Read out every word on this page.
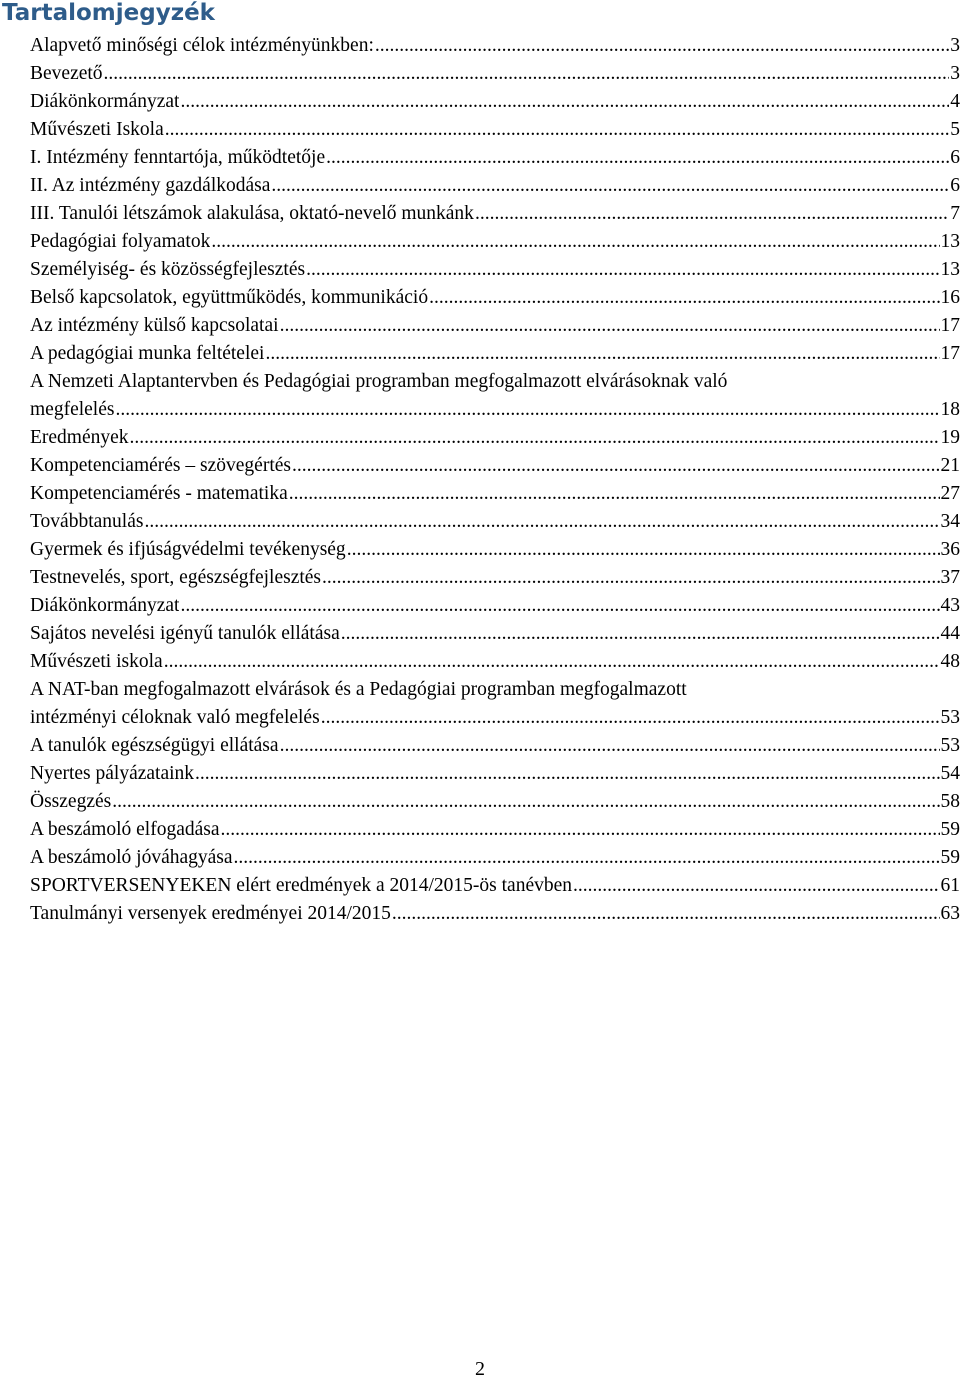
Tartalomjegyzék
Alapvető minőségi célok intézményünkben: .....	3
Bevezető .....	3
Diákönkormányzat .....	4
Művészeti Iskola .....	5
I. Intézmény fenntartója, működtetője .....	6
II. Az intézmény gazdálkodása .....	6
III. Tanulói létszámok alakulása, oktató-nevelő munkánk .....	7
Pedagógiai folyamatok .....	13
Személyiség- és közösségfejlesztés .....	13
Belső kapcsolatok, együttműködés, kommunikáció .....	16
Az intézmény külső kapcsolatai .....	17
A pedagógiai munka feltételei .....	17
A Nemzeti Alaptantervben és Pedagógiai programban megfogalmazott elvárásoknak való
megfelelés .....	18
Eredmények .....	19
Kompetenciamérés – szövegértés .....	21
Kompetenciamérés - matematika .....	27
Továbbtanulás .....	34
Gyermek és ifjúságvédelmi tevékenység .....	36
Testnevelés, sport, egészségfejlesztés .....	37
Diákönkormányzat .....	43
Sajátos nevelési igényű tanulók ellátása .....	44
Művészeti iskola .....	48
A NAT-ban megfogalmazott elvárások és a Pedagógiai programban megfogalmazott
intézményi céloknak való megfelelés .....	53
A tanulók egészségügyi ellátása .....	53
Nyertes pályázataink .....	54
Összegzés .....	58
A beszámoló elfogadása .....	59
A beszámoló jóváhagyása .....	59
SPORTVERSENYEKEN elért eredmények a 2014/2015-ös tanévben .....	61
Tanulmányi versenyek eredményei 2014/2015 .....	63
2
